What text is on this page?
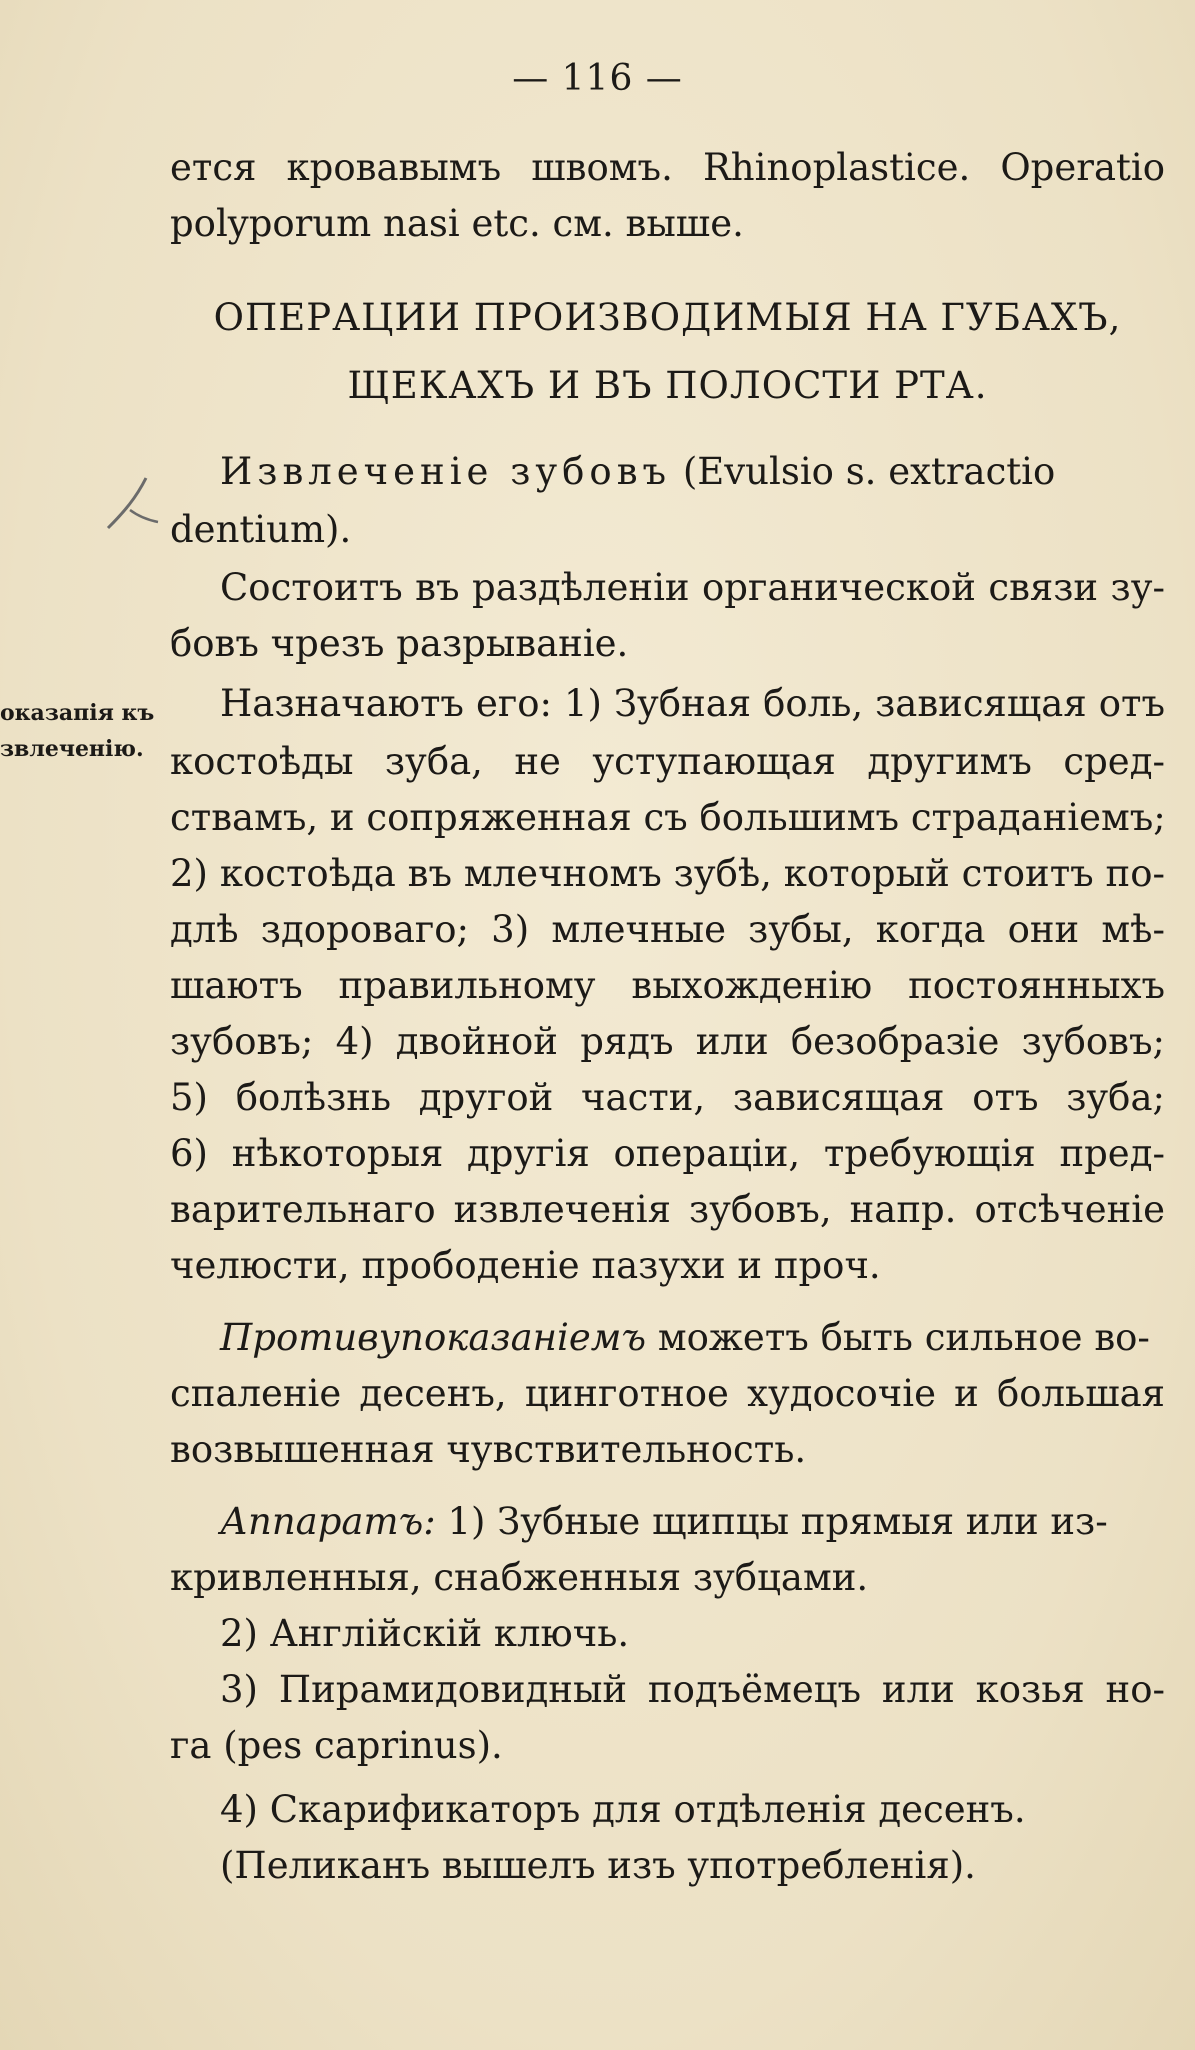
— 116 —
ется кровавымъ швомъ. Rhinoplastice. Operatio
polyporum nasi etc. см. выше.
ОПЕРАЦИИ ПРОИЗВОДИМЫЯ НА ГУБАХЪ,
ЩЕКАХЪ И ВЪ ПОЛОСТИ РТА.
Извлеченіе зубовъ (Evulsio s. extractio
dentium).
Состоитъ въ раздѣленіи органической связи зу-
бовъ чрезъ разрываніе.
оказапія къ
звлеченію.
Назначаютъ его: 1) Зубная боль, зависящая отъ
костоѣды зуба, не уступающая другимъ сред-
ствамъ, и сопряженная съ большимъ страданіемъ;
2) костоѣда въ млечномъ зубѣ, который стоитъ по-
длѣ здороваго; 3) млечные зубы, когда они мѣ-
шаютъ правильному выхожденію постоянныхъ
зубовъ; 4) двойной рядъ или безобразіе зубовъ;
5) болѣзнь другой части, зависящая отъ зуба;
6) нѣкоторыя другія операціи, требующія пред-
варительнаго извлеченія зубовъ, напр. отсѣченіе
челюсти, прободеніе пазухи и проч.
Противупоказаніемъ можетъ быть сильное во-
спаленіе десенъ, цинготное худосочіе и большая
возвышенная чувствительность.
Аппаратъ: 1) Зубные щипцы прямыя или из-
кривленныя, снабженныя зубцами.
2) Англійскій ключь.
3) Пирамидовидный подъёмецъ или козья но-
га (pes caprinus).
4) Скарификаторъ для отдѣленія десенъ.
(Пеликанъ вышелъ изъ употребленія).
